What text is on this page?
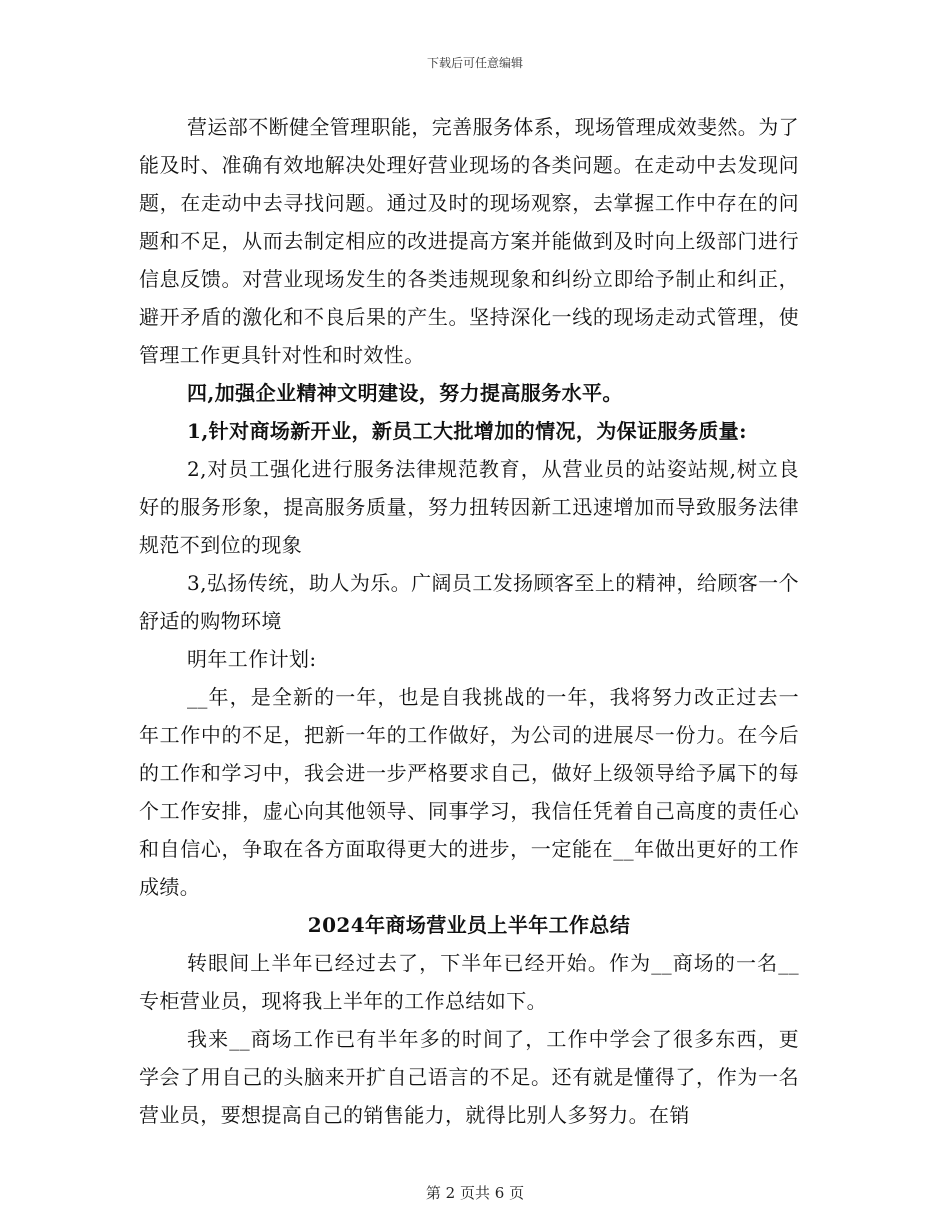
下载后可任意编辑

营运部不断健全管理职能，完善服务体系，现场管理成效斐然。为了能及时、准确有效地解决处理好营业现场的各类问题。在走动中去发现问题，在走动中去寻找问题。通过及时的现场观察，去掌握工作中存在的问题和不足，从而去制定相应的改进提高方案并能做到及时向上级部门进行信息反馈。对营业现场发生的各类违规现象和纠纷立即给予制止和纠正，避开矛盾的激化和不良后果的产生。坚持深化一线的现场走动式管理，使管理工作更具针对性和时效性。

四,加强企业精神文明建设，努力提高服务水平。

1,针对商场新开业，新员工大批增加的情况，为保证服务质量:

2,对员工强化进行服务法律规范教育，从营业员的站姿站规,树立良好的服务形象，提高服务质量，努力扭转因新工迅速增加而导致服务法律规范不到位的现象

3,弘扬传统，助人为乐。广阔员工发扬顾客至上的精神，给顾客一个舒适的购物环境

明年工作计划:

__年，是全新的一年，也是自我挑战的一年，我将努力改正过去一年工作中的不足，把新一年的工作做好，为公司的进展尽一份力。在今后的工作和学习中，我会进一步严格要求自己，做好上级领导给予属下的每个工作安排，虚心向其他领导、同事学习，我信任凭着自己高度的责任心和自信心，争取在各方面取得更大的进步，一定能在__年做出更好的工作成绩。

2024年商场营业员上半年工作总结

转眼间上半年已经过去了，下半年已经开始。作为__商场的一名__专柜营业员，现将我上半年的工作总结如下。

我来__商场工作已有半年多的时间了，工作中学会了很多东西，更学会了用自己的头脑来开扩自己语言的不足。还有就是懂得了，作为一名营业员，要想提高自己的销售能力，就得比别人多努力。在销

第 2 页共 6 页
